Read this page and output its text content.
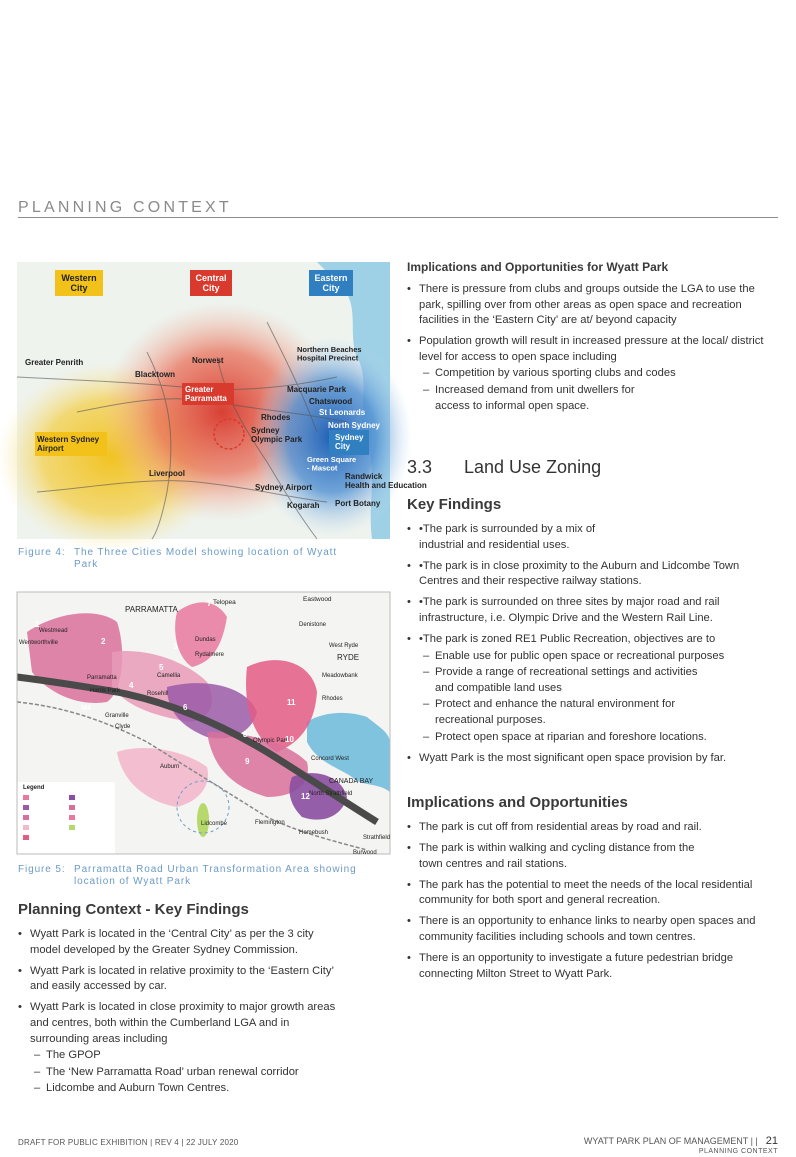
PLANNING CONTEXT
Western City
Central City
Eastern City
Greater Penrith
Blacktown
Norwest
Greater Parramatta
Northern Beaches Hospital Precinct
Macquarie Park
Chatswood
St Leonards
North Sydney
Rhodes
Sydney Olympic Park	Sydney City
Western Sydney Airport
Liverpool
Green Square - Mascot
Randwick Health and Education
Sydney Airport
Port Botany
Kogarah
Figure 4: The Three Cities Model showing location of Wyatt Park
PARRAMATTA
Telopea	Eastwood
Westmead
Dundas
Denistone
West Ryde
RYDE
Rydalmere
Parramatta	Meadowbank
Harris Park
Camellia
Rosehill
Granville
Clyde
Rhodes
Olympic Park
Concord West
CANADA BAY
Auburn
North Strathfield
Lidcombe
Homebush
Flemington
Strathfield
Burwood
Wentworthville
M4
Legend
1
2
3
4
5
6
7
8
9
10
11
12
Figure 5: Parramatta Road Urban Transformation Area showing location of Wyatt Park
Planning Context - Key Findings
• Wyatt Park is located in the ‘Central City’ as per the 3 city model developed by the Greater Sydney Commission.
• Wyatt Park is located in relative proximity to the ‘Eastern City’ and easily accessed by car.
• Wyatt Park is located in close proximity to major growth areas and centres, both within the Cumberland LGA and in surrounding areas including
– The GPOP
– The ‘New Parramatta Road’ urban renewal corridor
– Lidcombe and Auburn Town Centres.
Implications and Opportunities for Wyatt Park
• There is pressure from clubs and groups outside the LGA to use the park, spilling over from other areas as open space and recreation facilities in the ‘Eastern City’ are at/ beyond capacity
• Population growth will result in increased pressure at the local/ district level for access to open space including
– Competition by various sporting clubs and codes
– Increased demand from unit dwellers for access to informal open space.
3.3 Land Use Zoning
Key Findings
• •The park is surrounded by a mix of industrial and residential uses.
• •The park is in close proximity to the Auburn and Lidcombe Town Centres and their respective railway stations.
• •The park is surrounded on three sites by major road and rail infrastructure, i.e. Olympic Drive and the Western Rail Line.
• •The park is zoned RE1 Public Recreation, objectives are to
– Enable use for public open space or recreational purposes
– Provide a range of recreational settings and activities and compatible land uses
– Protect and enhance the natural environment for recreational purposes.
– Protect open space at riparian and foreshore locations.
• Wyatt Park is the most significant open space provision by far.
Implications and Opportunities
• The park is cut off from residential areas by road and rail.
• The park is within walking and cycling distance from the town centres and rail stations.
• The park has the potential to meet the needs of the local residential community for both sport and general recreation.
• There is an opportunity to enhance links to nearby open spaces and community facilities including schools and town centres.
• There is an opportunity to investigate a future pedestrian bridge connecting Milton Street to Wyatt Park.
DRAFT FOR PUBLIC EXHIBITION | REV 4 | 22 JULY 2020	WYATT PARK PLAN OF MANAGEMENT | | 21
PLANNING CONTEXT
